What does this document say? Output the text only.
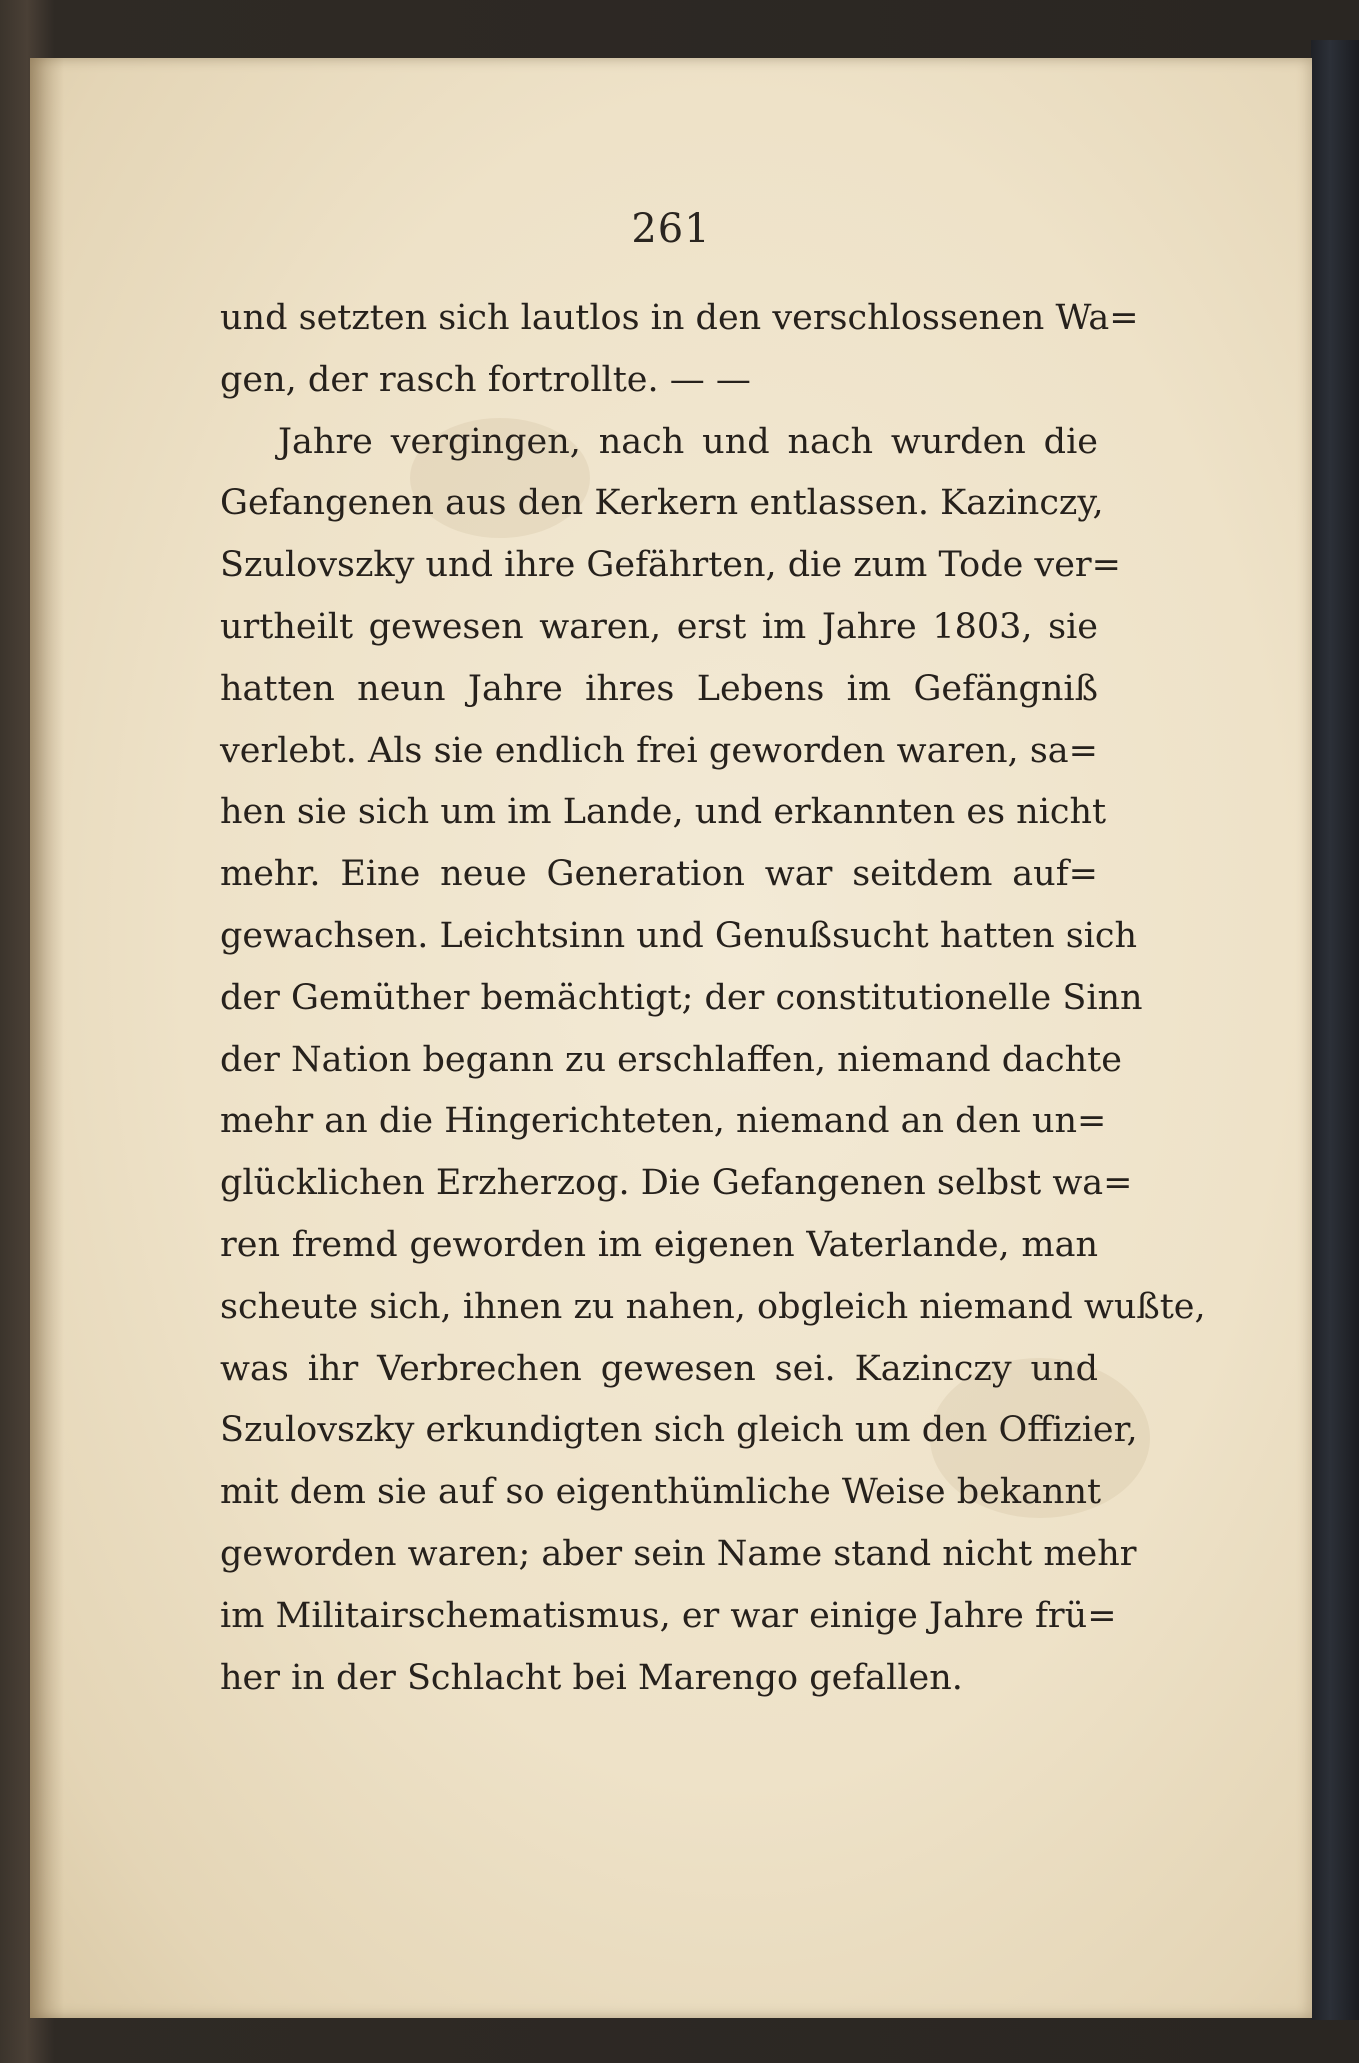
261
und setzten sich lautlos in den verschlossenen Wa=
gen, der rasch fortrollte. — —
Jahre vergingen, nach und nach wurden die
Gefangenen aus den Kerkern entlassen. Kazinczy,
Szulovszky und ihre Gefährten, die zum Tode ver=
urtheilt gewesen waren, erst im Jahre 1803, sie
hatten neun Jahre ihres Lebens im Gefängniß
verlebt. Als sie endlich frei geworden waren, sa=
hen sie sich um im Lande, und erkannten es nicht
mehr. Eine neue Generation war seitdem auf=
gewachsen. Leichtsinn und Genußsucht hatten sich
der Gemüther bemächtigt; der constitutionelle Sinn
der Nation begann zu erschlaffen, niemand dachte
mehr an die Hingerichteten, niemand an den un=
glücklichen Erzherzog. Die Gefangenen selbst wa=
ren fremd geworden im eigenen Vaterlande, man
scheute sich, ihnen zu nahen, obgleich niemand wußte,
was ihr Verbrechen gewesen sei. Kazinczy und
Szulovszky erkundigten sich gleich um den Offizier,
mit dem sie auf so eigenthümliche Weise bekannt
geworden waren; aber sein Name stand nicht mehr
im Militairschematismus, er war einige Jahre frü=
her in der Schlacht bei Marengo gefallen.
